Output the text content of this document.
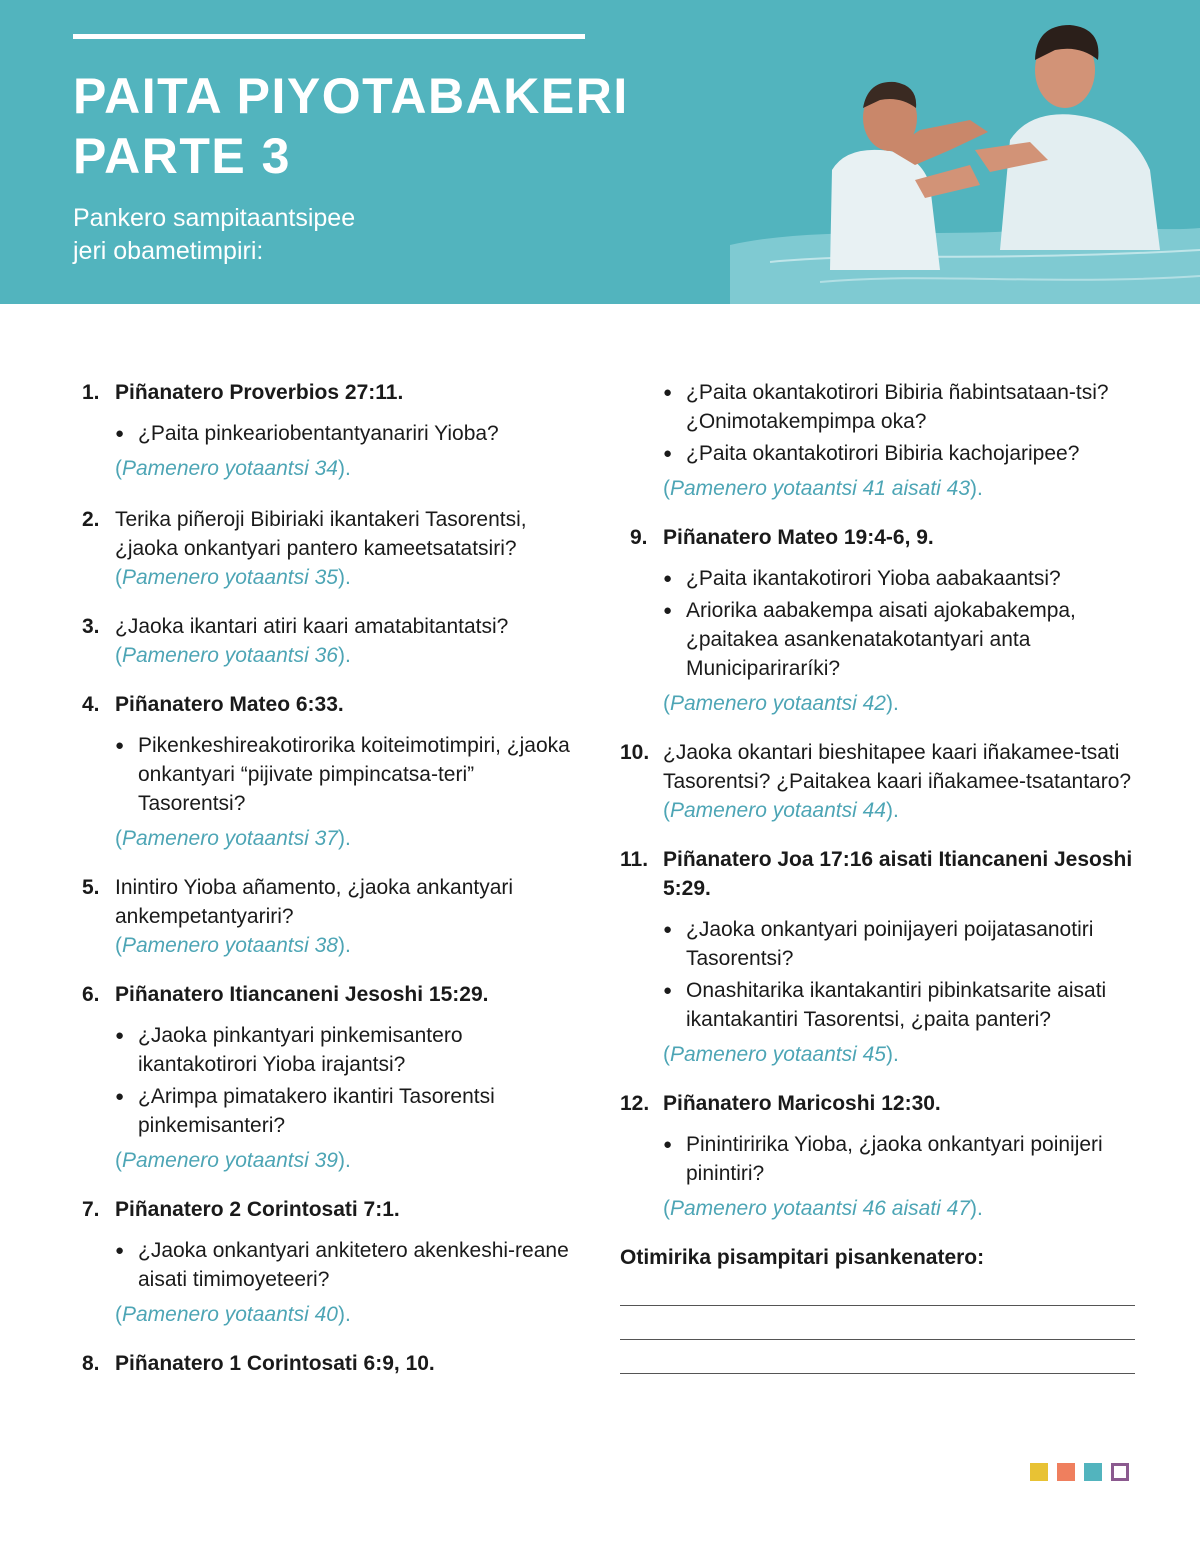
PAITA PIYOTABAKERI
PARTE 3
Pankero sampitaantsipee
jeri obametimpiri:
1. Piñanatero Proverbios 27:11.
● ¿Paita pinkeariobentantyanariri Yioba?
(Pamenero yotaantsi 34).
2. Terika piñeroji Bibiriaki ikantakeri Tasorentsi, ¿jaoka onkantyari pantero kameetsatatsiri?
(Pamenero yotaantsi 35).
3. ¿Jaoka ikantari atiri kaari amatabitantatsi?
(Pamenero yotaantsi 36).
4. Piñanatero Mateo 6:33.
● Pikenkeshireakotirorika koiteimotimpiri, ¿jaoka onkantyari “pijivate pimpincatsa-teri” Tasorentsi?
(Pamenero yotaantsi 37).
5. Inintiro Yioba añamento, ¿jaoka ankantyari ankempetantyariri?
(Pamenero yotaantsi 38).
6. Piñanatero Itiancaneni Jesoshi 15:29.
● ¿Jaoka pinkantyari pinkemisantero ikantakotirori Yioba irajantsi?
● ¿Arimpa pimatakero ikantiri Tasorentsi pinkemisanteri?
(Pamenero yotaantsi 39).
7. Piñanatero 2 Corintosati 7:1.
● ¿Jaoka onkantyari ankitetero akenkeshi-reane aisati timimoyeteeri?
(Pamenero yotaantsi 40).
8. Piñanatero 1 Corintosati 6:9, 10.
● ¿Paita okantakotirori Bibiria ñabintsataan-tsi? ¿Onimotakempimpa oka?
● ¿Paita okantakotirori Bibiria kachojaripee?
(Pamenero yotaantsi 41 aisati 43).
9. Piñanatero Mateo 19:4-6, 9.
● ¿Paita ikantakotirori Yioba aabakaantsi?
● Ariorika aabakempa aisati ajokabakempa, ¿paitakea asankenatakotantyari anta Municipariraríki?
(Pamenero yotaantsi 42).
10. ¿Jaoka okantari bieshitapee kaari iñakamee-tsati Tasorentsi? ¿Paitakea kaari iñakamee-tsatantaro?
(Pamenero yotaantsi 44).
11. Piñanatero Joa 17:16 aisati Itiancaneni Jesoshi 5:29.
● ¿Jaoka onkantyari poinijayeri poijatasanotiri Tasorentsi?
● Onashitarika ikantakantiri pibinkatsarite aisati ikantakantiri Tasorentsi, ¿paita panteri?
(Pamenero yotaantsi 45).
12. Piñanatero Maricoshi 12:30.
● Pinintiririka Yioba, ¿jaoka onkantyari poinijeri pinintiri?
(Pamenero yotaantsi 46 aisati 47).
Otimirika pisampitari pisankenatero:
